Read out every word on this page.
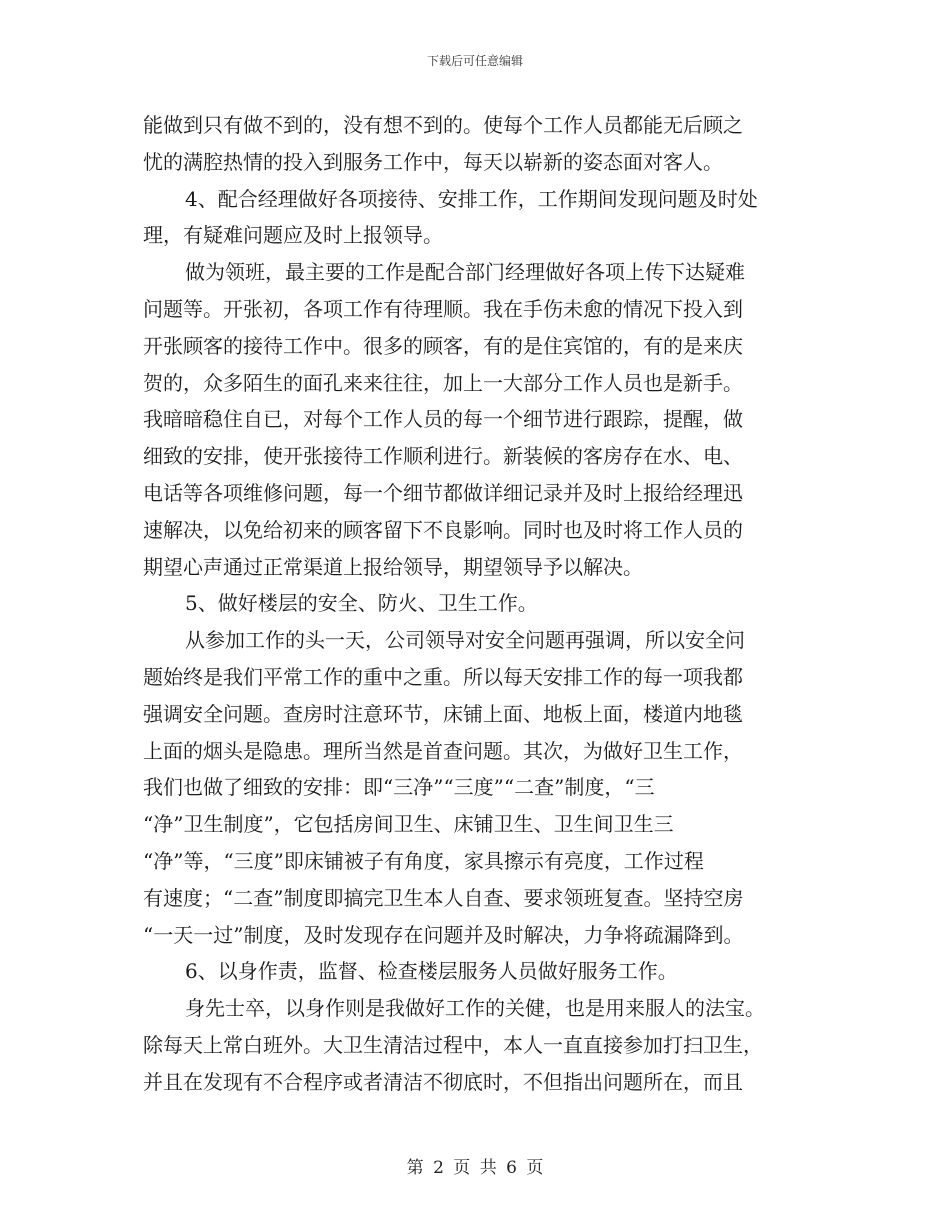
下载后可任意编辑
能做到只有做不到的，没有想不到的。使每个工作人员都能无后顾之
忧的满腔热情的投入到服务工作中，每天以崭新的姿态面对客人。
4、配合经理做好各项接待、安排工作，工作期间发现问题及时处
理，有疑难问题应及时上报领导。
做为领班，最主要的工作是配合部门经理做好各项上传下达疑难
问题等。开张初，各项工作有待理顺。我在手伤未愈的情况下投入到
开张顾客的接待工作中。很多的顾客，有的是住宾馆的，有的是来庆
贺的，众多陌生的面孔来来往往，加上一大部分工作人员也是新手。
我暗暗稳住自已，对每个工作人员的每一个细节进行跟踪，提醒，做
细致的安排，使开张接待工作顺利进行。新装候的客房存在水、电、
电话等各项维修问题，每一个细节都做详细记录并及时上报给经理迅
速解决，以免给初来的顾客留下不良影响。同时也及时将工作人员的
期望心声通过正常渠道上报给领导，期望领导予以解决。
5、做好楼层的安全、防火、卫生工作。
从参加工作的头一天，公司领导对安全问题再强调，所以安全问
题始终是我们平常工作的重中之重。所以每天安排工作的每一项我都
强调安全问题。查房时注意环节，床铺上面、地板上面，楼道内地毯
上面的烟头是隐患。理所当然是首查问题。其次，为做好卫生工作，
我们也做了细致的安排：即“三净”“三度”“二查”制度，“三
“净”卫生制度”，它包括房间卫生、床铺卫生、卫生间卫生三
“净”等，“三度”即床铺被子有角度，家具擦示有亮度，工作过程
有速度；“二查”制度即搞完卫生本人自查、要求领班复查。坚持空房
“一天一过”制度，及时发现存在问题并及时解决，力争将疏漏降到。
6、以身作责，监督、检查楼层服务人员做好服务工作。
身先士卒，以身作则是我做好工作的关健，也是用来服人的法宝。
除每天上常白班外。大卫生清洁过程中，本人一直直接参加打扫卫生，
并且在发现有不合程序或者清洁不彻底时，不但指出问题所在，而且
第 2 页 共 6 页
